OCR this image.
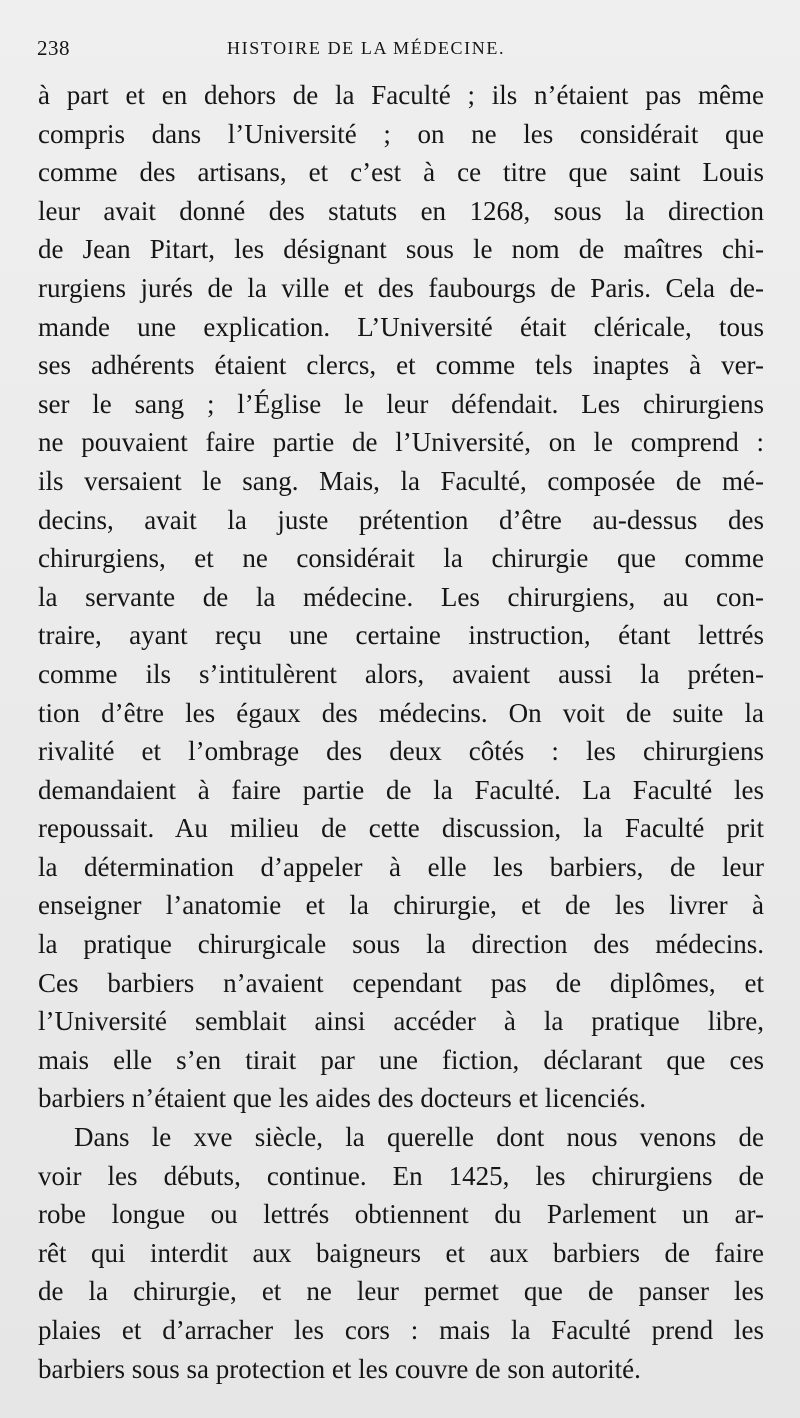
238	HISTOIRE DE LA MÉDECINE.
à part et en dehors de la Faculté ; ils n’étaient pas même
compris dans l’Université ; on ne les considérait que
comme des artisans, et c’est à ce titre que saint Louis
leur avait donné des statuts en 1268, sous la direction
de Jean Pitart, les désignant sous le nom de maîtres chi-
rurgiens jurés de la ville et des faubourgs de Paris. Cela de-
mande une explication. L’Université était cléricale, tous
ses adhérents étaient clercs, et comme tels inaptes à ver-
ser le sang ; l’Église le leur défendait. Les chirurgiens
ne pouvaient faire partie de l’Université, on le comprend :
ils versaient le sang. Mais, la Faculté, composée de mé-
decins, avait la juste prétention d’être au-dessus des
chirurgiens, et ne considérait la chirurgie que comme
la servante de la médecine. Les chirurgiens, au con-
traire, ayant reçu une certaine instruction, étant lettrés
comme ils s’intitulèrent alors, avaient aussi la préten-
tion d’être les égaux des médecins. On voit de suite la
rivalité et l’ombrage des deux côtés : les chirurgiens
demandaient à faire partie de la Faculté. La Faculté les
repoussait. Au milieu de cette discussion, la Faculté prit
la détermination d’appeler à elle les barbiers, de leur
enseigner l’anatomie et la chirurgie, et de les livrer à
la pratique chirurgicale sous la direction des médecins.
Ces barbiers n’avaient cependant pas de diplômes, et
l’Université semblait ainsi accéder à la pratique libre,
mais elle s’en tirait par une fiction, déclarant que ces
barbiers n’étaient que les aides des docteurs et licenciés.
Dans le xve siècle, la querelle dont nous venons de
voir les débuts, continue. En 1425, les chirurgiens de
robe longue ou lettrés obtiennent du Parlement un ar-
rêt qui interdit aux baigneurs et aux barbiers de faire
de la chirurgie, et ne leur permet que de panser les
plaies et d’arracher les cors : mais la Faculté prend les
barbiers sous sa protection et les couvre de son autorité.
